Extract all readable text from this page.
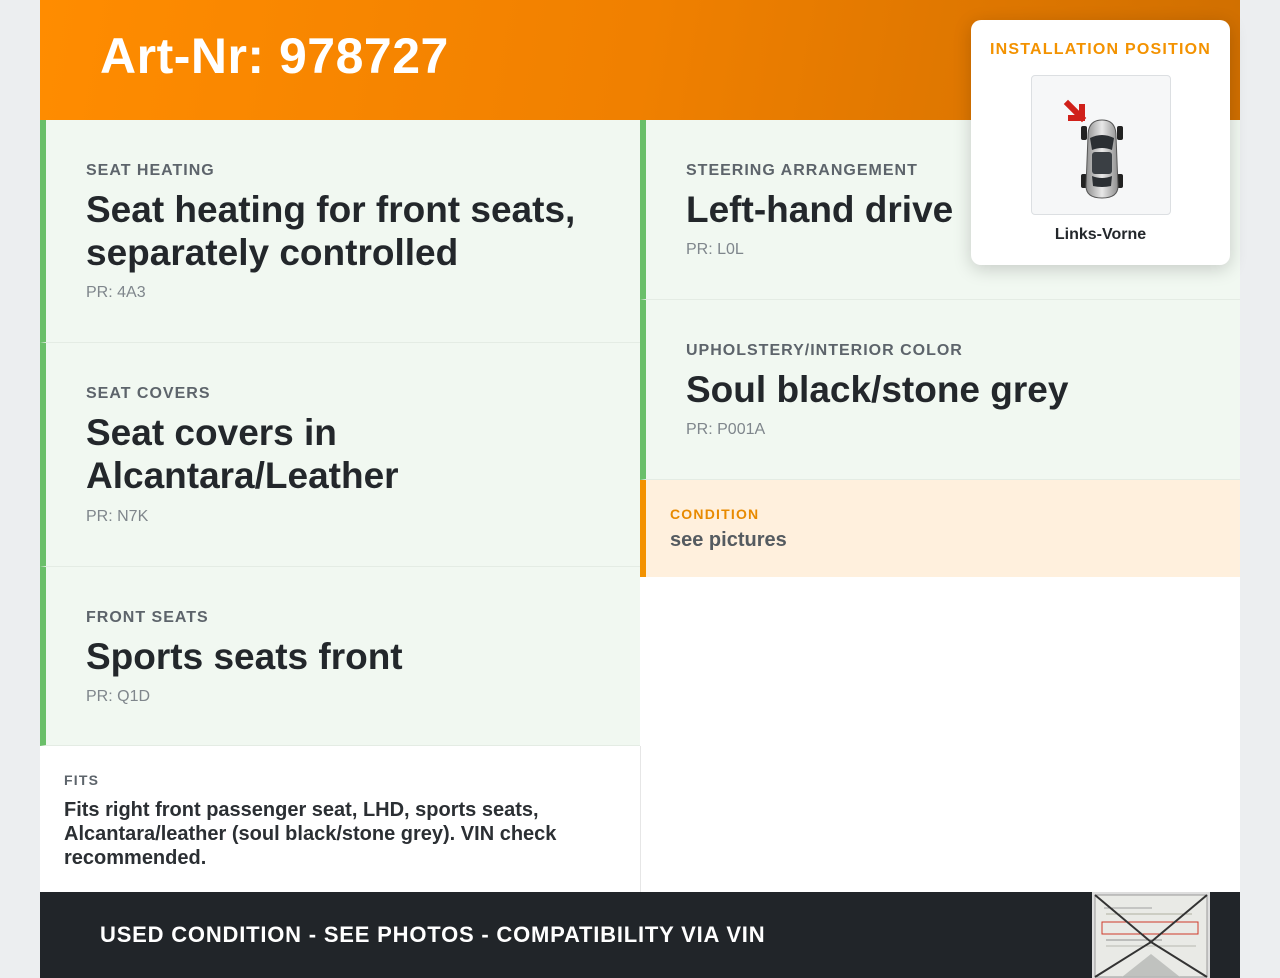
Art-Nr: 978727
SEAT HEATING
Seat heating for front seats, separately controlled
PR: 4A3
SEAT COVERS
Seat covers in Alcantara/Leather
PR: N7K
FRONT SEATS
Sports seats front
PR: Q1D
FITS
Fits right front passenger seat, LHD, sports seats, Alcantara/leather (soul black/stone grey). VIN check recommended.
STEERING ARRANGEMENT
Left-hand drive
PR: L0L
UPHOLSTERY/INTERIOR COLOR
Soul black/stone grey
PR: P001A
CONDITION
see pictures
USED CONDITION - SEE PHOTOS - COMPATIBILITY VIA VIN
INSTALLATION POSITION
Links-Vorne
